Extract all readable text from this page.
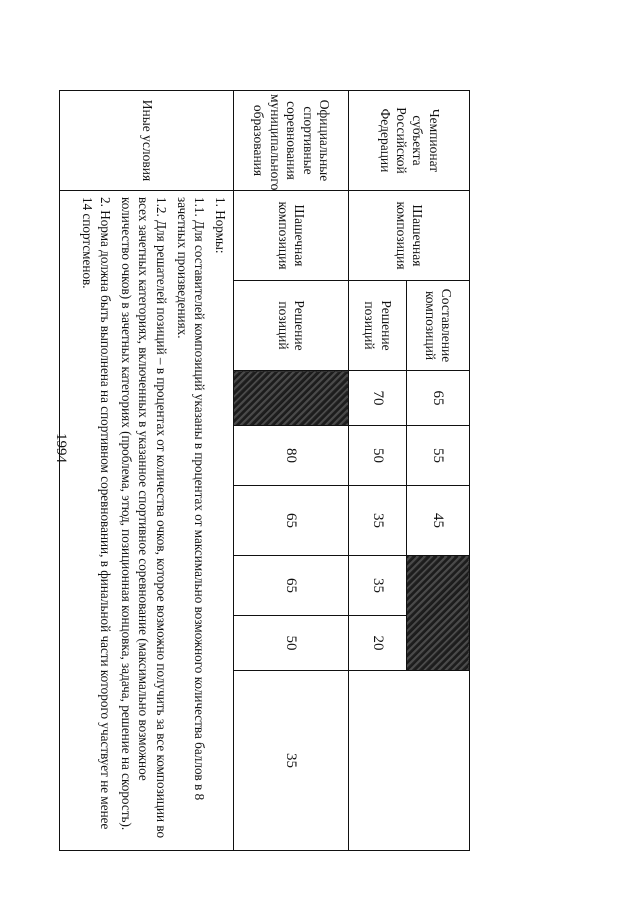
1994
Чемпионат субъекта Российской Федерации	Шашечная композиция	Составление композиций	65	55	45			
		Решение позиций	70	50	35	35	20	
Официальные спортивные соревнования муниципального образования	Шашечная композиция	Решение позиций		80	65	65	50	35
Иные условия	1. Нормы:

1.1. Для составителей композиций указаны в процентах от максимально возможного количества баллов в 8 зачетных произведениях.

1.2. Для решателей позиций – в процентах от количества очков, которое возможно получить за все композиции во всех зачетных категориях, включенных в указанное спортивное соревнование (максимально возможное количество очков) в зачетных категориях (проблема, этюд, позиционная концовка, задача, решение на скорость).

2. Норма должна быть выполнена на спортивном соревновании, в финальной части которого участвует не менее 14 спортсменов.							
